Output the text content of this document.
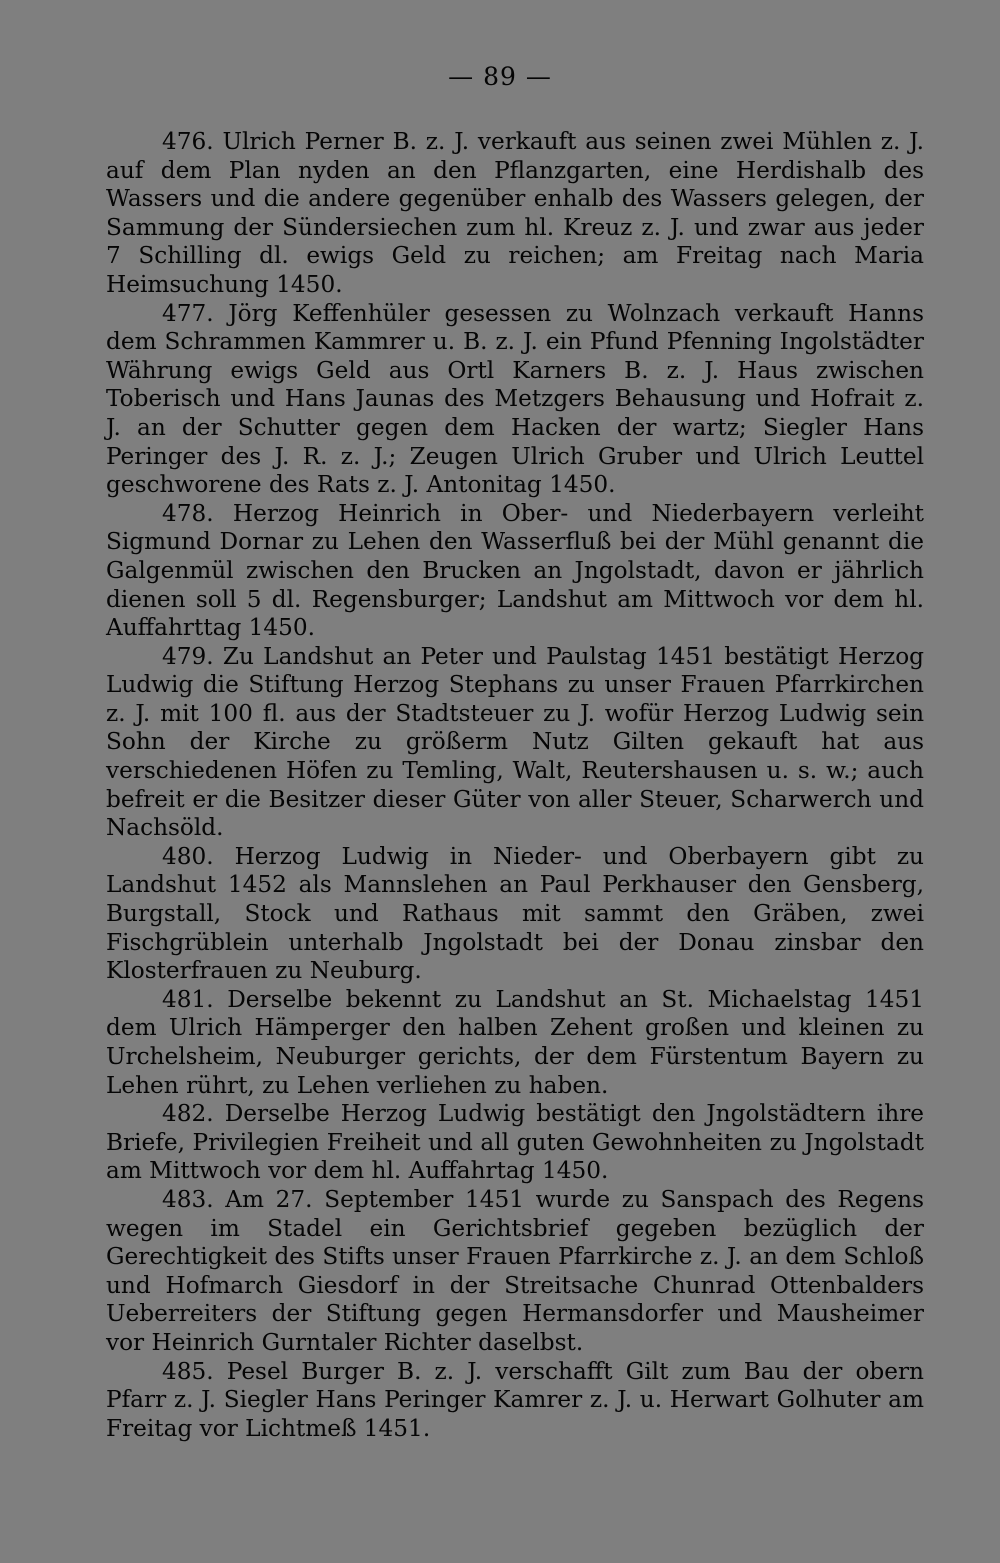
— 89 —

476. Ulrich Perner B. z. J. verkauft aus seinen zwei Mühlen z. J. auf dem Plan nyden an den Pflanzgarten, eine Herdishalb des Wassers und die andere gegenüber enhalb des Wassers gelegen, der Sammung der Sündersiechen zum hl. Kreuz z. J. und zwar aus jeder 7 Schilling dl. ewigs Geld zu reichen; am Freitag nach Maria Heimsuchung 1450.

477. Jörg Keffenhüler gesessen zu Wolnzach verkauft Hanns dem Schrammen Kammrer u. B. z. J. ein Pfund Pfenning Ingolstädter Währung ewigs Geld aus Ortl Karners B. z. J. Haus zwischen Toberisch und Hans Jaunas des Metzgers Behausung und Hofrait z. J. an der Schutter gegen dem Hacken der wartz; Siegler Hans Peringer des J. R. z. J.; Zeugen Ulrich Gruber und Ulrich Leuttel geschworene des Rats z. J. Antonitag 1450.

478. Herzog Heinrich in Ober- und Niederbayern verleiht Sigmund Dornar zu Lehen den Wasserfluß bei der Mühl genannt die Galgenmül zwischen den Brucken an Jngolstadt, davon er jährlich dienen soll 5 dl. Regensburger; Landshut am Mittwoch vor dem hl. Auffahrttag 1450.

479. Zu Landshut an Peter und Paulstag 1451 bestätigt Herzog Ludwig die Stiftung Herzog Stephans zu unser Frauen Pfarrkirchen z. J. mit 100 fl. aus der Stadtsteuer zu J. wofür Herzog Ludwig sein Sohn der Kirche zu größerm Nutz Gilten gekauft hat aus verschiedenen Höfen zu Temling, Walt, Reutershausen u. s. w.; auch befreit er die Besitzer dieser Güter von aller Steuer, Scharwerch und Nachsöld.

480. Herzog Ludwig in Nieder- und Oberbayern gibt zu Landshut 1452 als Mannslehen an Paul Perkhauser den Gensberg, Burgstall, Stock und Rathaus mit sammt den Gräben, zwei Fischgrüblein unterhalb Jngolstadt bei der Donau zinsbar den Klosterfrauen zu Neuburg.

481. Derselbe bekennt zu Landshut an St. Michaelstag 1451 dem Ulrich Hämperger den halben Zehent großen und kleinen zu Urchelsheim, Neuburger gerichts, der dem Fürstentum Bayern zu Lehen rührt, zu Lehen verliehen zu haben.

482. Derselbe Herzog Ludwig bestätigt den Jngolstädtern ihre Briefe, Privilegien Freiheit und all guten Gewohnheiten zu Jngolstadt am Mittwoch vor dem hl. Auffahrtag 1450.

483. Am 27. September 1451 wurde zu Sanspach des Regens wegen im Stadel ein Gerichtsbrief gegeben bezüglich der Gerechtigkeit des Stifts unser Frauen Pfarrkirche z. J. an dem Schloß und Hofmarch Giesdorf in der Streitsache Chunrad Ottenbalders Ueberreiters der Stiftung gegen Hermansdorfer und Mausheimer vor Heinrich Gurntaler Richter daselbst.

485. Pesel Burger B. z. J. verschafft Gilt zum Bau der obern Pfarr z. J. Siegler Hans Peringer Kamrer z. J. u. Herwart Golhuter am Freitag vor Lichtmeß 1451.
